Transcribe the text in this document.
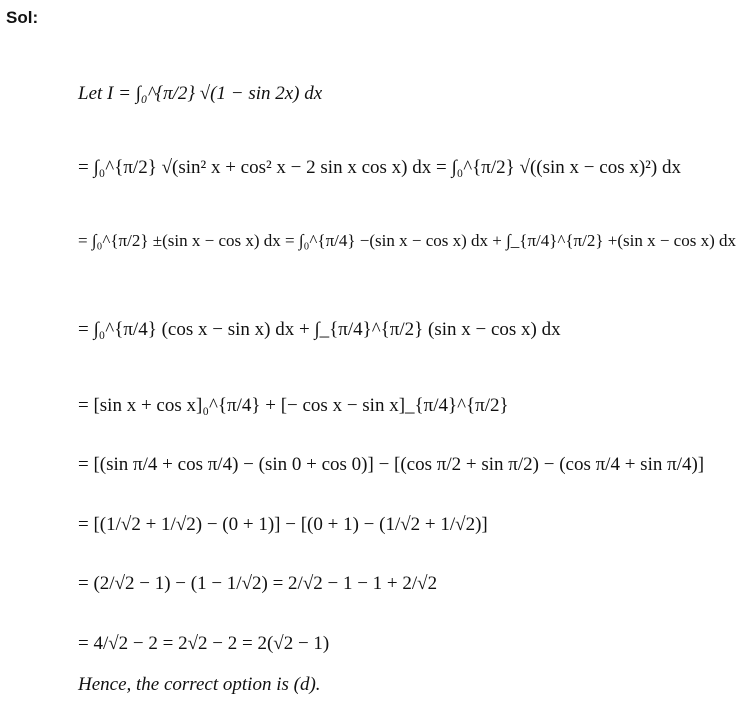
Sol:
Let I = ∫₀^{π/2} √(1 − sin 2x) dx
= ∫₀^{π/2} √(sin² x + cos² x − 2 sin x cos x) dx = ∫₀^{π/2} √((sin x − cos x)²) dx
= ∫₀^{π/2} ±(sin x − cos x) dx = ∫₀^{π/4} −(sin x − cos x) dx + ∫_{π/4}^{π/2} +(sin x − cos x) dx
= ∫₀^{π/4} (cos x − sin x) dx + ∫_{π/4}^{π/2} (sin x − cos x) dx
= [sin x + cos x]₀^{π/4} + [− cos x − sin x]_{π/4}^{π/2}
= [(sin π/4 + cos π/4) − (sin 0 + cos 0)] − [(cos π/2 + sin π/2) − (cos π/4 + sin π/4)]
= [(1/√2 + 1/√2) − (0 + 1)] − [(0 + 1) − (1/√2 + 1/√2)]
= (2/√2 − 1) − (1 − 1/√2) = 2/√2 − 1 − 1 + 2/√2
= 4/√2 − 2 = 2√2 − 2 = 2(√2 − 1)
Hence, the correct option is (d).
